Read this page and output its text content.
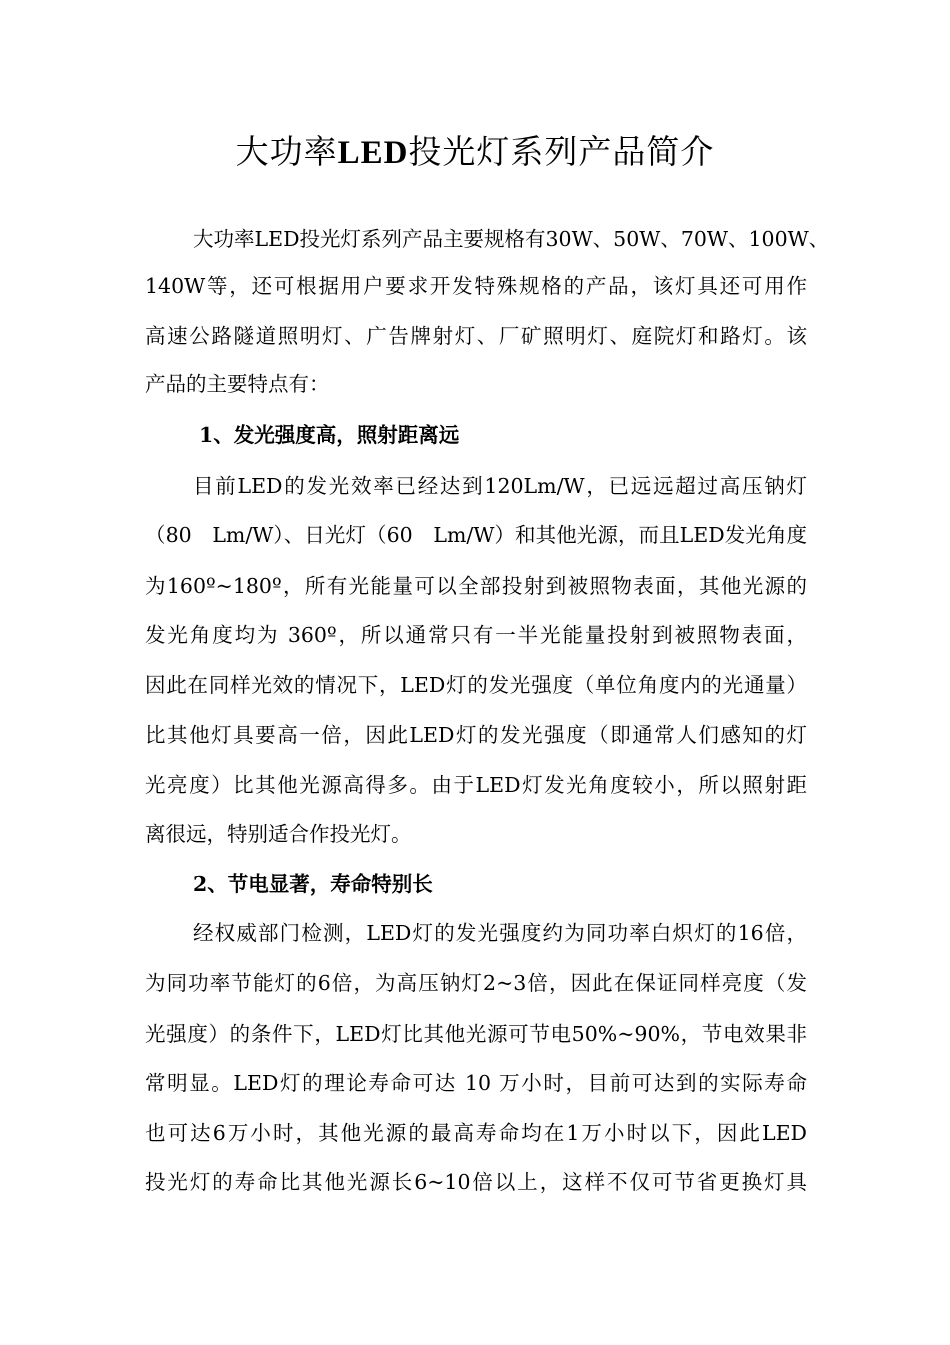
大功率LED投光灯系列产品简介

大功率LED投光灯系列产品主要规格有30W、50W、70W、100W、

140W等，还可根据用户要求开发特殊规格的产品，该灯具还可用作

高速公路隧道照明灯、广告牌射灯、厂矿照明灯、庭院灯和路灯。该

产品的主要特点有：

1、发光强度高，照射距离远

目前LED的发光效率已经达到120Lm/W，已远远超过高压钠灯

（80　Lm/W）、日光灯（60　Lm/W）和其他光源，而且LED发光角度

为160º~180º，所有光能量可以全部投射到被照物表面，其他光源的

发光角度均为 360º，所以通常只有一半光能量投射到被照物表面，

因此在同样光效的情况下，LED灯的发光强度（单位角度内的光通量）

比其他灯具要高一倍，因此LED灯的发光强度（即通常人们感知的灯

光亮度）比其他光源高得多。由于LED灯发光角度较小，所以照射距

离很远，特别适合作投光灯。

2、节电显著，寿命特别长

经权威部门检测，LED灯的发光强度约为同功率白炽灯的16倍，

为同功率节能灯的6倍，为高压钠灯2~3倍，因此在保证同样亮度（发

光强度）的条件下，LED灯比其他光源可节电50%~90%，节电效果非

常明显。LED灯的理论寿命可达 10 万小时，目前可达到的实际寿命

也可达6万小时，其他光源的最高寿命均在1万小时以下，因此LED

投光灯的寿命比其他光源长6~10倍以上，这样不仅可节省更换灯具
